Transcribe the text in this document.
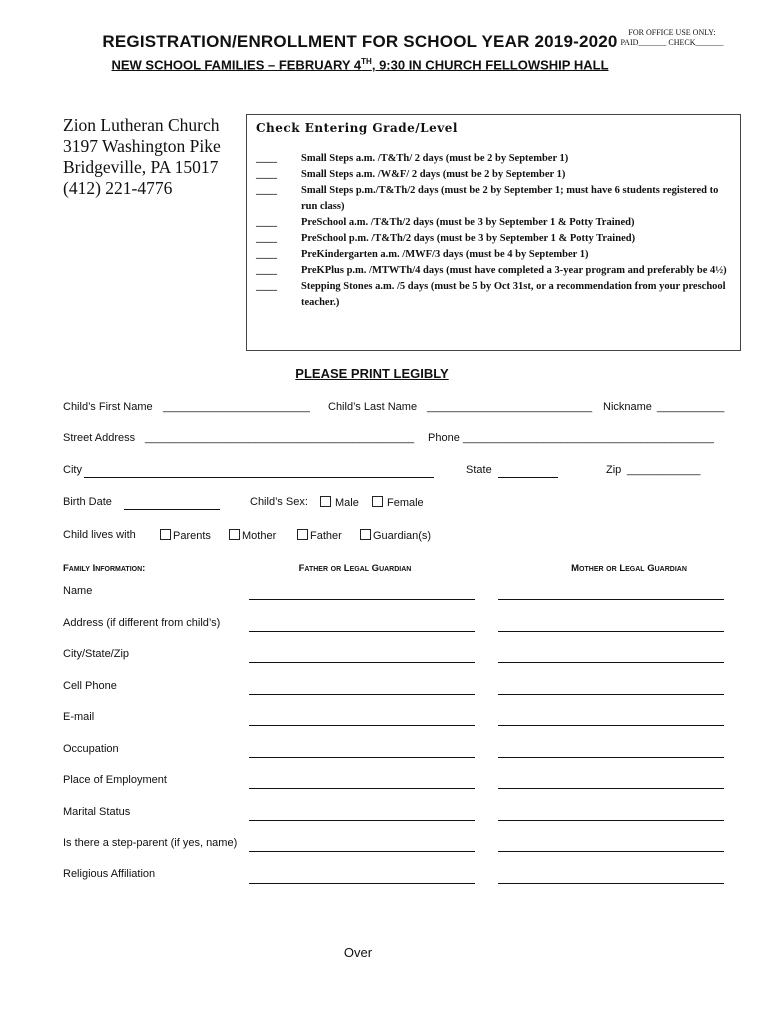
REGISTRATION/ENROLLMENT FOR SCHOOL YEAR 2019-2020
NEW SCHOOL FAMILIES – FEBRUARY 4TH, 9:30 IN CHURCH FELLOWSHIP HALL
FOR OFFICE USE ONLY:
PAID_______ CHECK_______
Zion Lutheran Church
3197 Washington Pike
Bridgeville, PA 15017
(412) 221-4776
Check Entering Grade/Level
____ Small Steps a.m. /T&Th/ 2 days (must be 2 by September 1)
____ Small Steps a.m. /W&F/ 2 days (must be 2 by September 1)
____ Small Steps p.m./T&Th/2 days (must be 2 by September 1; must have 6 students registered to run class)
____ PreSchool a.m. /T&Th/2 days (must be 3 by September 1 & Potty Trained)
____ PreSchool p.m. /T&Th/2 days (must be 3 by September 1 & Potty Trained)
____ PreKindergarten a.m. /MWF/3 days (must be 4 by September 1)
____ PreKPlus p.m. /MTWTh/4 days (must have completed a 3-year program and preferably be 4½)
____ Stepping Stones a.m. /5 days (must be 5 by Oct 31st, or a recommendation from your preschool teacher.)
PLEASE PRINT LEGIBLY
Child’s First Name ________________________ Child’s Last Name ___________________________ Nickname ___________
Street Address ____________________________________________ Phone _________________________________________
City	State	Zip ____________
Birth Date	Child’s Sex:	Male	Female
Child lives with	Parents	Mother	Father	Guardian(s)
Family Information:	Father or Legal Guardian	Mother or Legal Guardian
Name
Address (if different from child’s)
City/State/Zip
Cell Phone
E-mail
Occupation
Place of Employment
Marital Status
Is there a step-parent (if yes, name)
Religious Affiliation
Over
